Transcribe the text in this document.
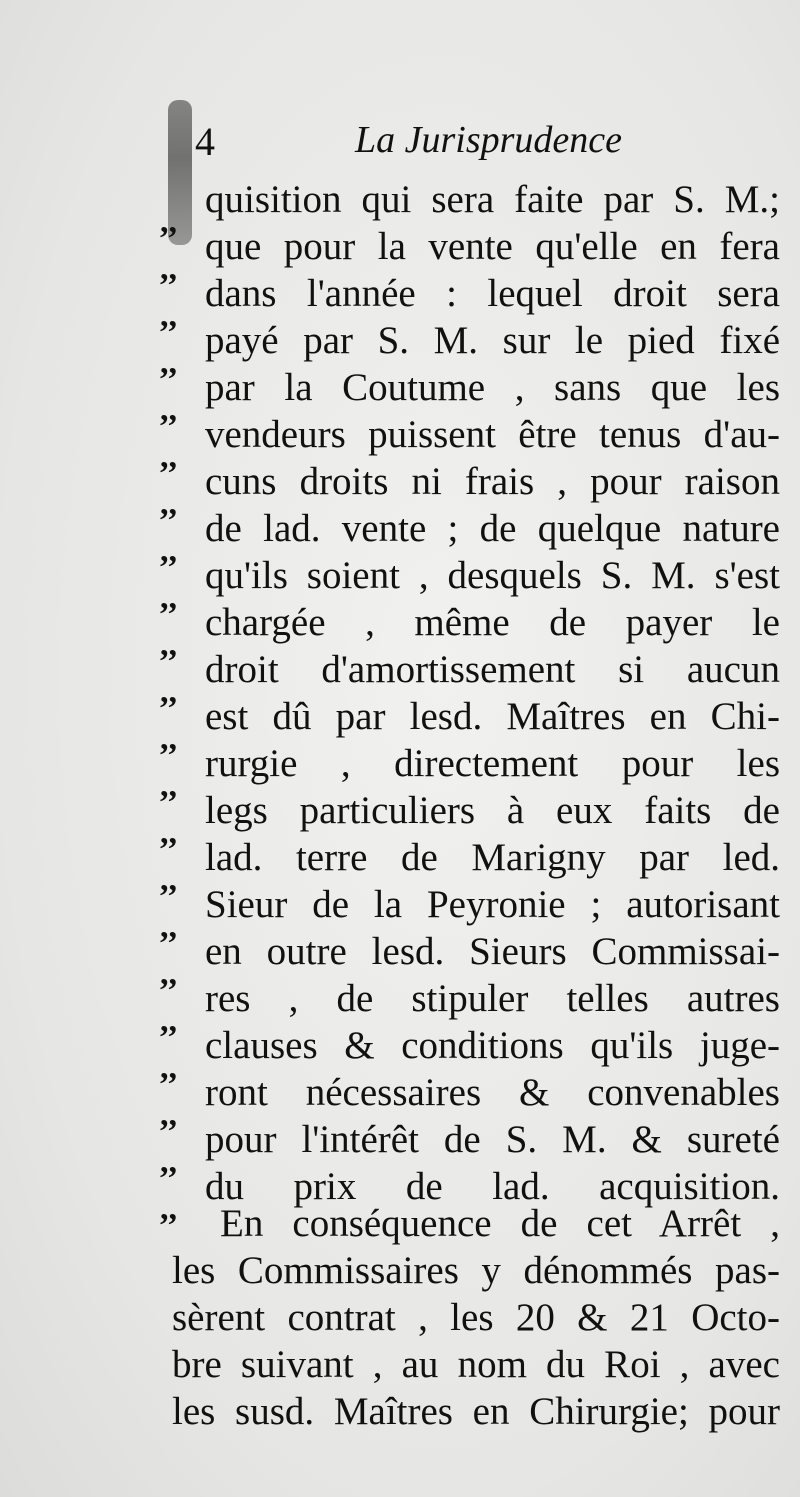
4	La Jurisprudence
,,
,,
,,
,,
,,
,,
,,
,,
,,
,,
,,
,,
,,
,,
,,
,,
,,
,,
,,
,,
,,
,,
quisition qui sera faite par S. M.;
que pour la vente qu'elle en fera
dans l'année : lequel droit sera
payé par S. M. sur le pied fixé
par la Coutume , sans que les
vendeurs puissent être tenus d'au-
cuns droits ni frais , pour raison
de lad. vente ; de quelque nature
qu'ils soient , desquels S. M. s'est
chargée , même de payer le
droit d'amortissement si aucun
est dû par lesd. Maîtres en Chi-
rurgie , directement pour les
legs particuliers à eux faits de
lad. terre de Marigny par led.
Sieur de la Peyronie ; autorisant
en outre lesd. Sieurs Commissai-
res , de stipuler telles autres
clauses & conditions qu'ils juge-
ront nécessaires & convenables
pour l'intérêt de S. M. & sureté
du prix de lad. acquisition.
En conséquence de cet Arrêt ,
les Commissaires y dénommés pas-
sèrent contrat , les 20 & 21 Octo-
bre suivant , au nom du Roi , avec
les susd. Maîtres en Chirurgie; pour
